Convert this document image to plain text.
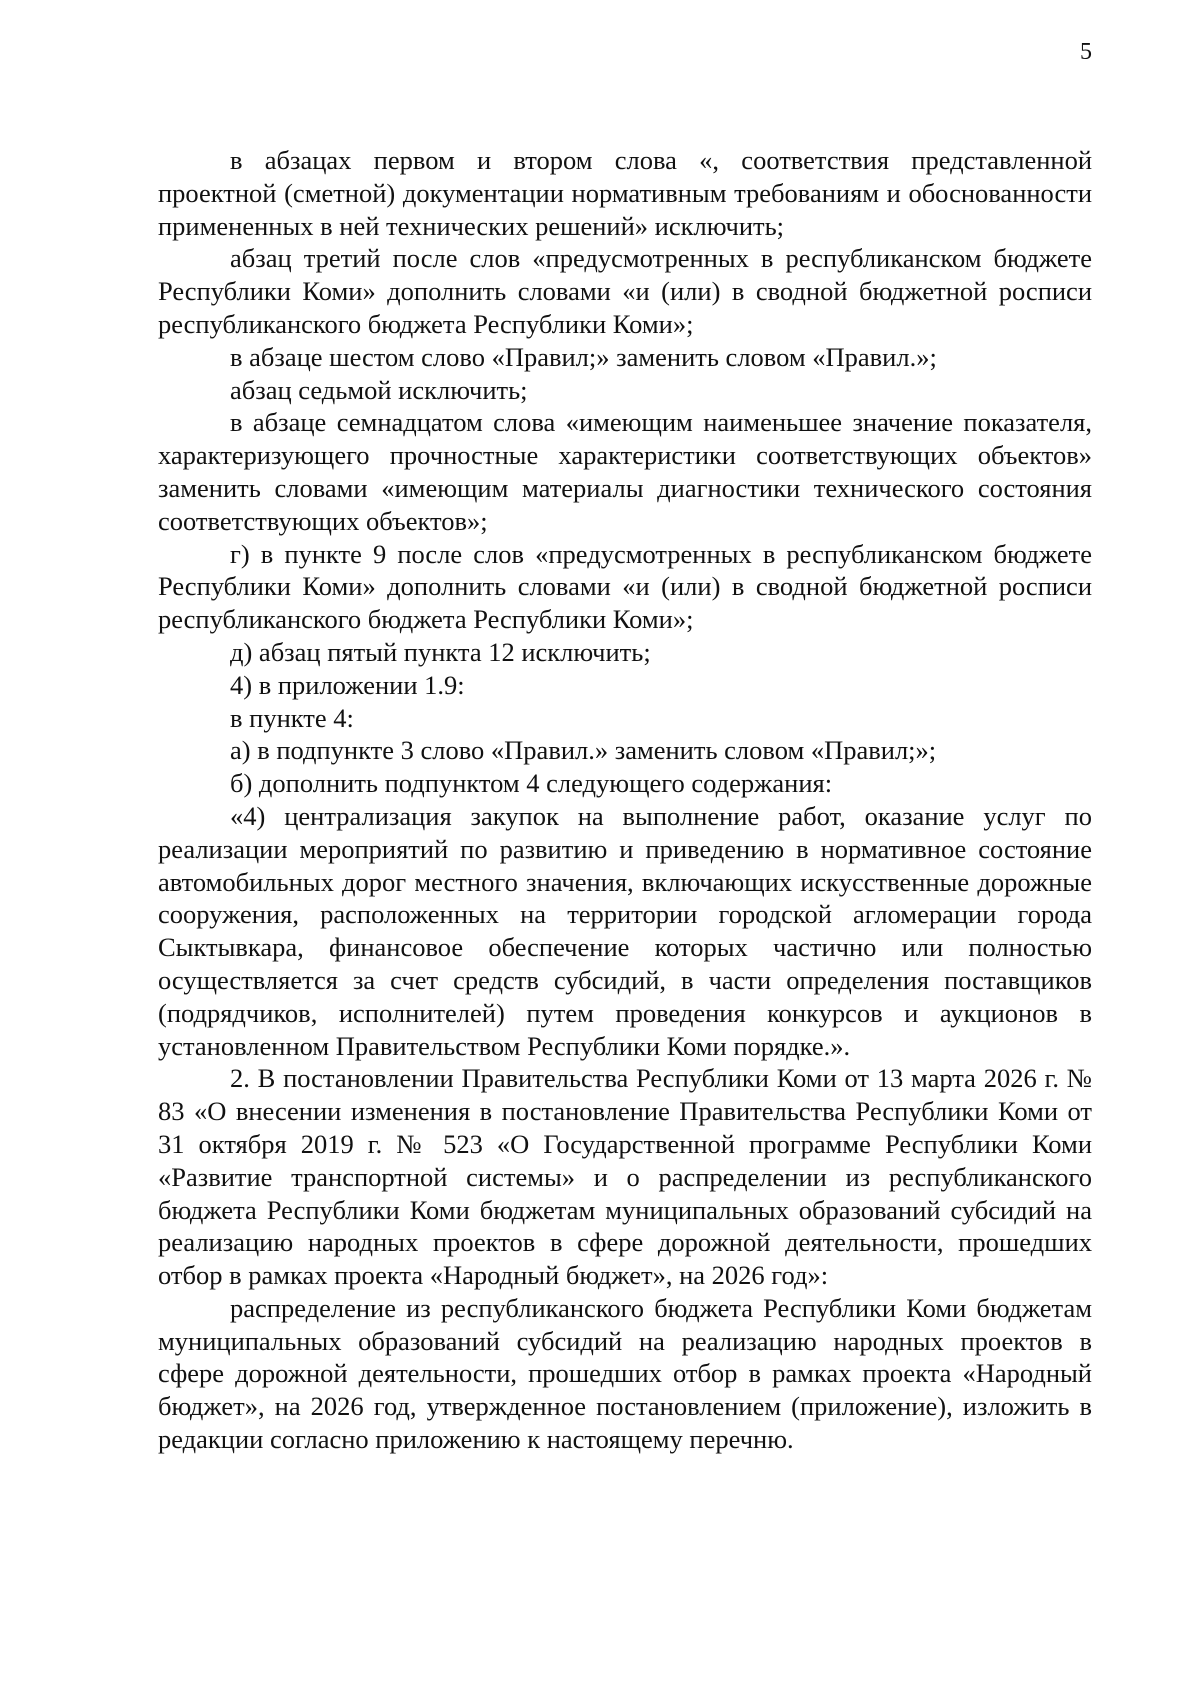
5

в абзацах первом и втором слова «, соответствия представленной проектной (сметной) документации нормативным требованиям и обоснованности примененных в ней технических решений» исключить;

абзац третий после слов «предусмотренных в республиканском бюджете Республики Коми» дополнить словами «и (или) в сводной бюджетной росписи республиканского бюджета Республики Коми»;

в абзаце шестом слово «Правил;» заменить словом «Правил.»;

абзац седьмой исключить;

в абзаце семнадцатом слова «имеющим наименьшее значение показателя, характеризующего прочностные характеристики соответствующих объектов» заменить словами «имеющим материалы диагностики технического состояния соответствующих объектов»;

г) в пункте 9 после слов «предусмотренных в республиканском бюджете Республики Коми» дополнить словами «и (или) в сводной бюджетной росписи республиканского бюджета Республики Коми»;

д) абзац пятый пункта 12 исключить;

4) в приложении 1.9:

в пункте 4:

а) в подпункте 3 слово «Правил.» заменить словом «Правил;»;

б) дополнить подпунктом 4 следующего содержания:

«4) централизация закупок на выполнение работ, оказание услуг по реализации мероприятий по развитию и приведению в нормативное состояние автомобильных дорог местного значения, включающих искусственные дорожные сооружения, расположенных на территории городской агломерации города Сыктывкара, финансовое обеспечение которых частично или полностью осуществляется за счет средств субсидий, в части определения поставщиков (подрядчиков, исполнителей) путем проведения конкурсов и аукционов в установленном Правительством Республики Коми порядке.».

2. В постановлении Правительства Республики Коми от 13 марта 2026 г. № 83 «О внесении изменения в постановление Правительства Республики Коми от 31 октября 2019 г. № 523 «О Государственной программе Республики Коми «Развитие транспортной системы» и о распределении из республиканского бюджета Республики Коми бюджетам муниципальных образований субсидий на реализацию народных проектов в сфере дорожной деятельности, прошедших отбор в рамках проекта «Народный бюджет», на 2026 год»:

распределение из республиканского бюджета Республики Коми бюджетам муниципальных образований субсидий на реализацию народных проектов в сфере дорожной деятельности, прошедших отбор в рамках проекта «Народный бюджет», на 2026 год, утвержденное постановлением (приложение), изложить в редакции согласно приложению к настоящему перечню.
